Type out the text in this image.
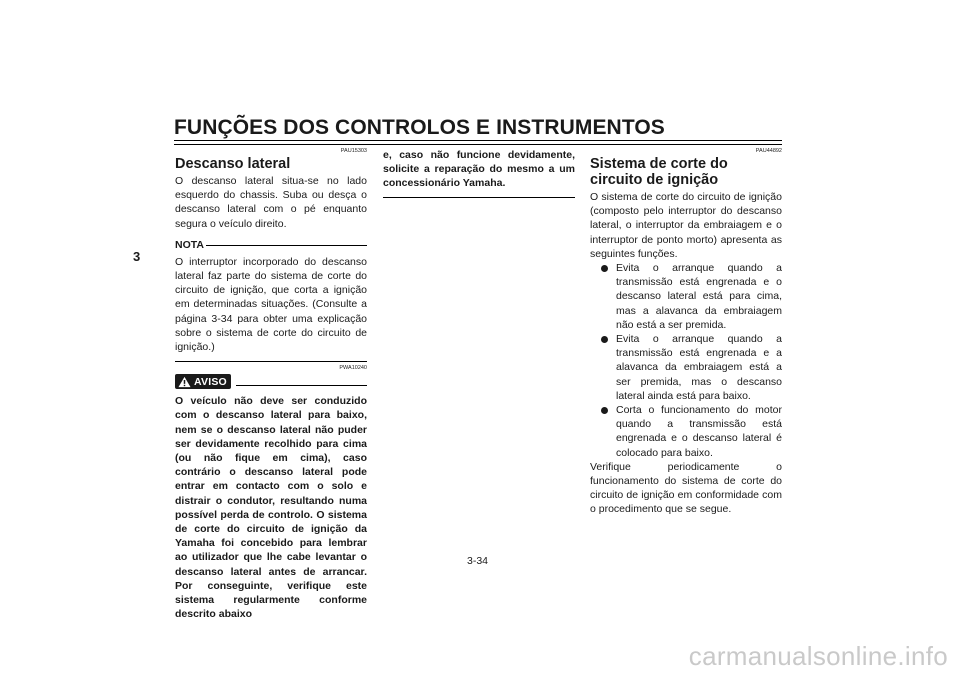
FUNÇÕES DOS CONTROLOS E INSTRUMENTOS
3
PAU15303
Descanso lateral

O descanso lateral situa-se no lado esquerdo do chassis. Suba ou desça o descanso lateral com o pé enquanto segura o veículo direito.

NOTA

O interruptor incorporado do descanso lateral faz parte do sistema de corte do circuito de ignição, que corta a ignição em determinadas situações. (Consulte a página 3-34 para obter uma explicação sobre o sistema de corte do circuito de ignição.)

PWA10240
AVISO

O veículo não deve ser conduzido com o descanso lateral para baixo, nem se o descanso lateral não puder ser devidamente recolhido para cima (ou não fique em cima), caso contrário o descanso lateral pode entrar em contacto com o solo e distrair o condutor, resultando numa possível perda de controlo. O sistema de corte do circuito de ignição da Yamaha foi concebido para lembrar ao utilizador que lhe cabe levantar o descanso lateral antes de arrancar. Por conseguinte, verifique este sistema regularmente conforme descrito abaixo

e, caso não funcione devidamente, solicite a reparação do mesmo a um concessionário Yamaha.

PAU44892
Sistema de corte do circuito de ignição

O sistema de corte do circuito de ignição (composto pelo interruptor do descanso lateral, o interruptor da embraiagem e o interruptor de ponto morto) apresenta as seguintes funções.

Evita o arranque quando a transmissão está engrenada e o descanso lateral está para cima, mas a alavanca da embraiagem não está a ser premida.

Evita o arranque quando a transmissão está engrenada e a alavanca da embraiagem está a ser premida, mas o descanso lateral ainda está para baixo.

Corta o funcionamento do motor quando a transmissão está engrenada e o descanso lateral é colocado para baixo.

Verifique periodicamente o funcionamento do sistema de corte do circuito de ignição em conformidade com o procedimento que se segue.

3-34
carmanualsonline.info
